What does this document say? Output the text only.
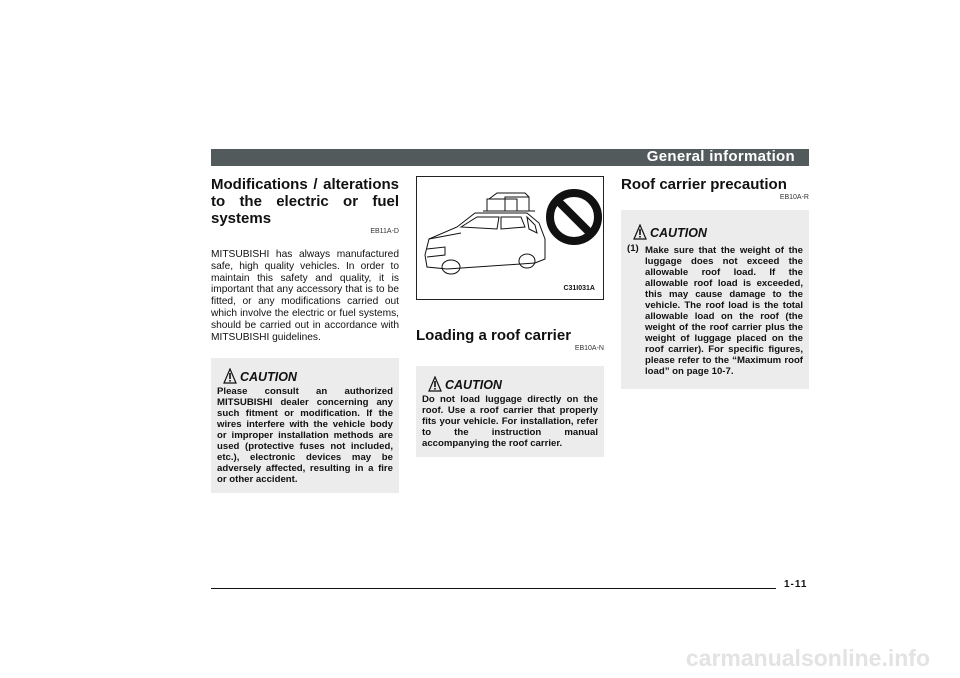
General information
Modifications / alterations to the electric or fuel systems
EB11A-D

MITSUBISHI has always manufactured safe, high quality vehicles. In order to maintain this safety and quality, it is important that any accessory that is to be fitted, or any modifications carried out which involve the electric or fuel systems, should be carried out in accordance with MITSUBISHI guidelines.

CAUTION
Please consult an authorized MITSUBISHI dealer concerning any such fitment or modification. If the wires interfere with the vehicle body or improper installation methods are used (protective fuses not included, etc.), electronic devices may be adversely affected, resulting in a fire or other accident.
C31I031A
Loading a roof carrier
EB10A-N
CAUTION
Do not load luggage directly on the roof. Use a roof carrier that properly fits your vehicle. For installation, refer to the instruction manual accompanying the roof carrier.
Roof carrier precaution
EB10A-R
CAUTION
(1) Make sure that the weight of the luggage does not exceed the allowable roof load. If the allowable roof load is exceeded, this may cause damage to the vehicle. The roof load is the total allowable load on the roof (the weight of the roof carrier plus the weight of luggage placed on the roof carrier). For specific figures, please refer to the “Maximum roof load” on page 10-7.
1-11
carmanualsonline.info
